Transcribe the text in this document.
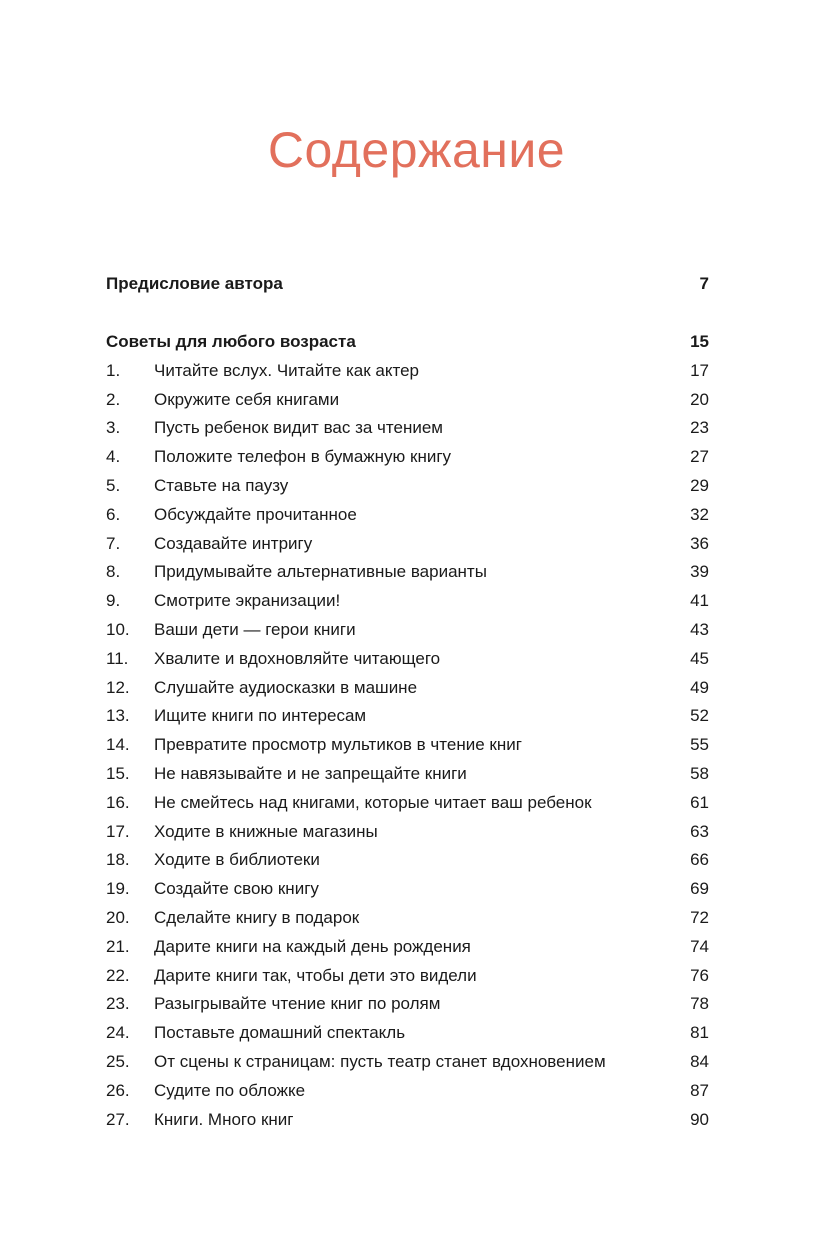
Содержание
Предисловие автора	7
Советы для любого возраста	15
1. Читайте вслух. Читайте как актер	17
2. Окружите себя книгами	20
3. Пусть ребенок видит вас за чтением	23
4. Положите телефон в бумажную книгу	27
5. Ставьте на паузу	29
6. Обсуждайте прочитанное	32
7. Создавайте интригу	36
8. Придумывайте альтернативные варианты	39
9. Смотрите экранизации!	41
10. Ваши дети — герои книги	43
11. Хвалите и вдохновляйте читающего	45
12. Слушайте аудиосказки в машине	49
13. Ищите книги по интересам	52
14. Превратите просмотр мультиков в чтение книг	55
15. Не навязывайте и не запрещайте книги	58
16. Не смейтесь над книгами, которые читает ваш ребенок	61
17. Ходите в книжные магазины	63
18. Ходите в библиотеки	66
19. Создайте свою книгу	69
20. Сделайте книгу в подарок	72
21. Дарите книги на каждый день рождения	74
22. Дарите книги так, чтобы дети это видели	76
23. Разыгрывайте чтение книг по ролям	78
24. Поставьте домашний спектакль	81
25. От сцены к страницам: пусть театр станет вдохновением	84
26. Судите по обложке	87
27. Книги. Много книг	90
